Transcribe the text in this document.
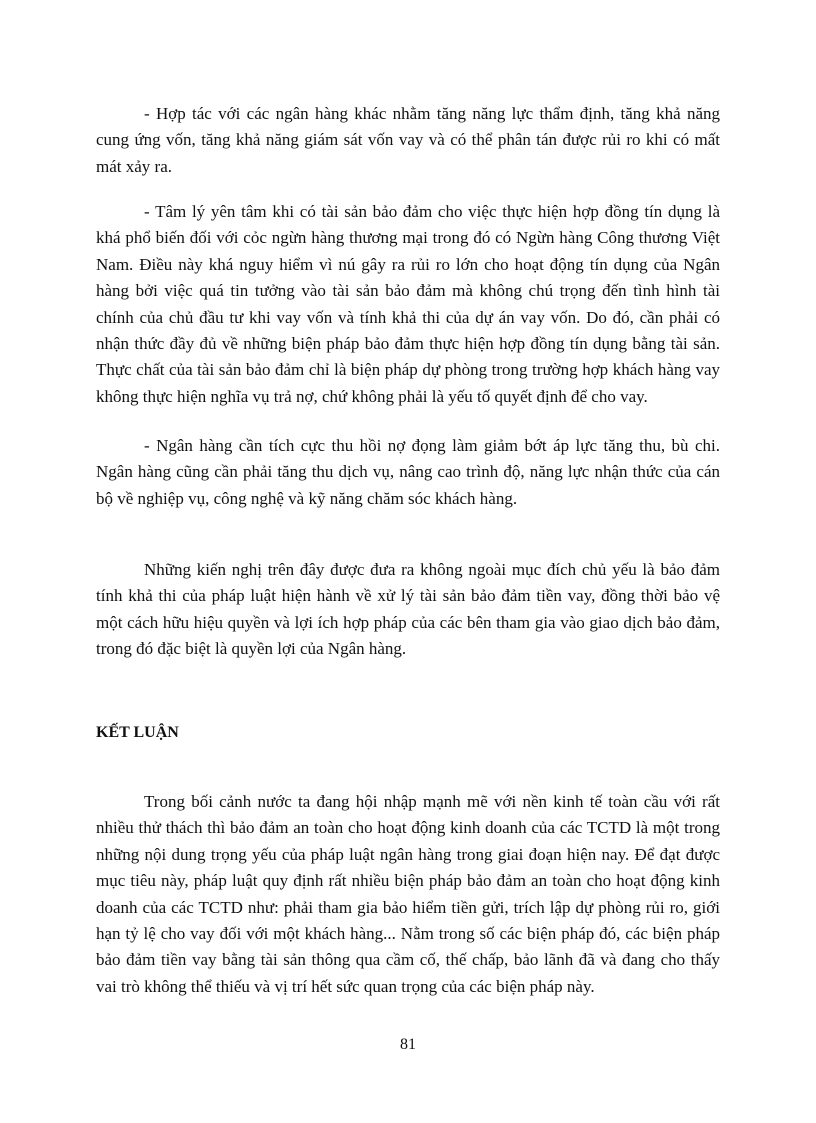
- Hợp tác với các ngân hàng khác nhằm tăng năng lực thẩm định, tăng khả năng cung ứng vốn, tăng khả năng giám sát vốn vay và có thể phân tán được rủi ro khi có mất mát xảy ra.

- Tâm lý yên tâm khi có tài sản bảo đảm cho việc thực hiện hợp đồng tín dụng là khá phổ biến đối với cỏc ngừn hàng thương mại trong đó có Ngừn hàng Công thương Việt Nam. Điều này khá nguy hiểm vì nú gây ra rủi ro lớn cho hoạt động tín dụng của Ngân hàng bởi việc quá tin tưởng vào tài sản bảo đảm mà không chú trọng đến tình hình tài chính của chủ đầu tư khi vay vốn và tính khả thi của dự án vay vốn. Do đó, cần phải có nhận thức đầy đủ về những biện pháp bảo đảm thực hiện hợp đồng tín dụng bằng tài sản. Thực chất của tài sản bảo đảm chỉ là biện pháp dự phòng trong trường hợp khách hàng vay không thực hiện nghĩa vụ trả nợ, chứ không phải là yếu tố quyết định để cho vay.

- Ngân hàng cần tích cực thu hồi nợ đọng làm giảm bớt áp lực tăng thu, bù chi. Ngân hàng cũng cần phải tăng thu dịch vụ, nâng cao trình độ, năng lực nhận thức của cán bộ về nghiệp vụ, công nghệ và kỹ năng chăm sóc khách hàng.

Những kiến nghị trên đây được đưa ra không ngoài mục đích chủ yếu là bảo đảm tính khả thi của pháp luật hiện hành về xử lý tài sản bảo đảm tiền vay, đồng thời bảo vệ một cách hữu hiệu quyền và lợi ích hợp pháp của các bên tham gia vào giao dịch bảo đảm, trong đó đặc biệt là quyền lợi của Ngân hàng.

KẾT LUẬN

Trong bối cảnh nước ta đang hội nhập mạnh mẽ với nền kinh tế toàn cầu với rất nhiều thử thách thì bảo đảm an toàn cho hoạt động kinh doanh của các TCTD là một trong những nội dung trọng yếu của pháp luật ngân hàng trong giai đoạn hiện nay. Để đạt được mục tiêu này, pháp luật quy định rất nhiều biện pháp bảo đảm an toàn cho hoạt động kinh doanh của các TCTD như: phải tham gia bảo hiểm tiền gửi, trích lập dự phòng rủi ro, giới hạn tỷ lệ cho vay đối với một khách hàng... Nằm trong số các biện pháp đó, các biện pháp bảo đảm tiền vay bằng tài sản thông qua cầm cố, thế chấp, bảo lãnh đã và đang cho thấy vai trò không thể thiếu và vị trí hết sức quan trọng của các biện pháp này.

81
